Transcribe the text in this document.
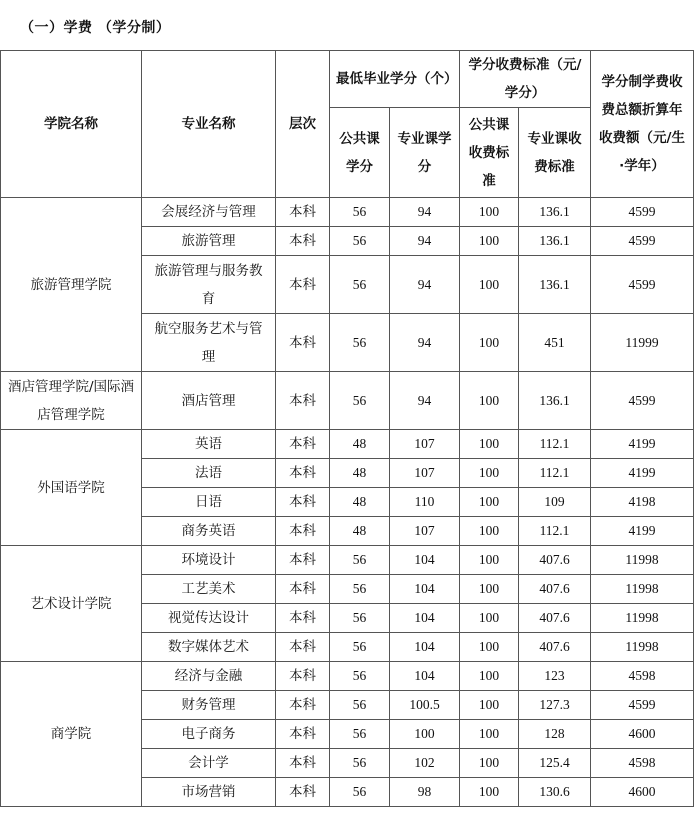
（一）学费 （学分制）
学院名称	专业名称	层次	最低毕业学分（个）		学分收费标准（元/学分）		学分制学费收费总额折算年收费额（元/生·学年）
			公共课学分	专业课学分	公共课收费标准	专业课收费标准	
旅游管理学院	会展经济与管理	本科	56	94	100	136.1	4599
	旅游管理	本科	56	94	100	136.1	4599
	旅游管理与服务教育	本科	56	94	100	136.1	4599
	航空服务艺术与管理	本科	56	94	100	451	11999
酒店管理学院/国际酒店管理学院	酒店管理	本科	56	94	100	136.1	4599
外国语学院	英语	本科	48	107	100	112.1	4199
	法语	本科	48	107	100	112.1	4199
	日语	本科	48	110	100	109	4198
	商务英语	本科	48	107	100	112.1	4199
艺术设计学院	环境设计	本科	56	104	100	407.6	11998
	工艺美术	本科	56	104	100	407.6	11998
	视觉传达设计	本科	56	104	100	407.6	11998
	数字媒体艺术	本科	56	104	100	407.6	11998
商学院	经济与金融	本科	56	104	100	123	4598
	财务管理	本科	56	100.5	100	127.3	4599
	电子商务	本科	56	100	100	128	4600
	会计学	本科	56	102	100	125.4	4598
	市场营销	本科	56	98	100	130.6	4600
